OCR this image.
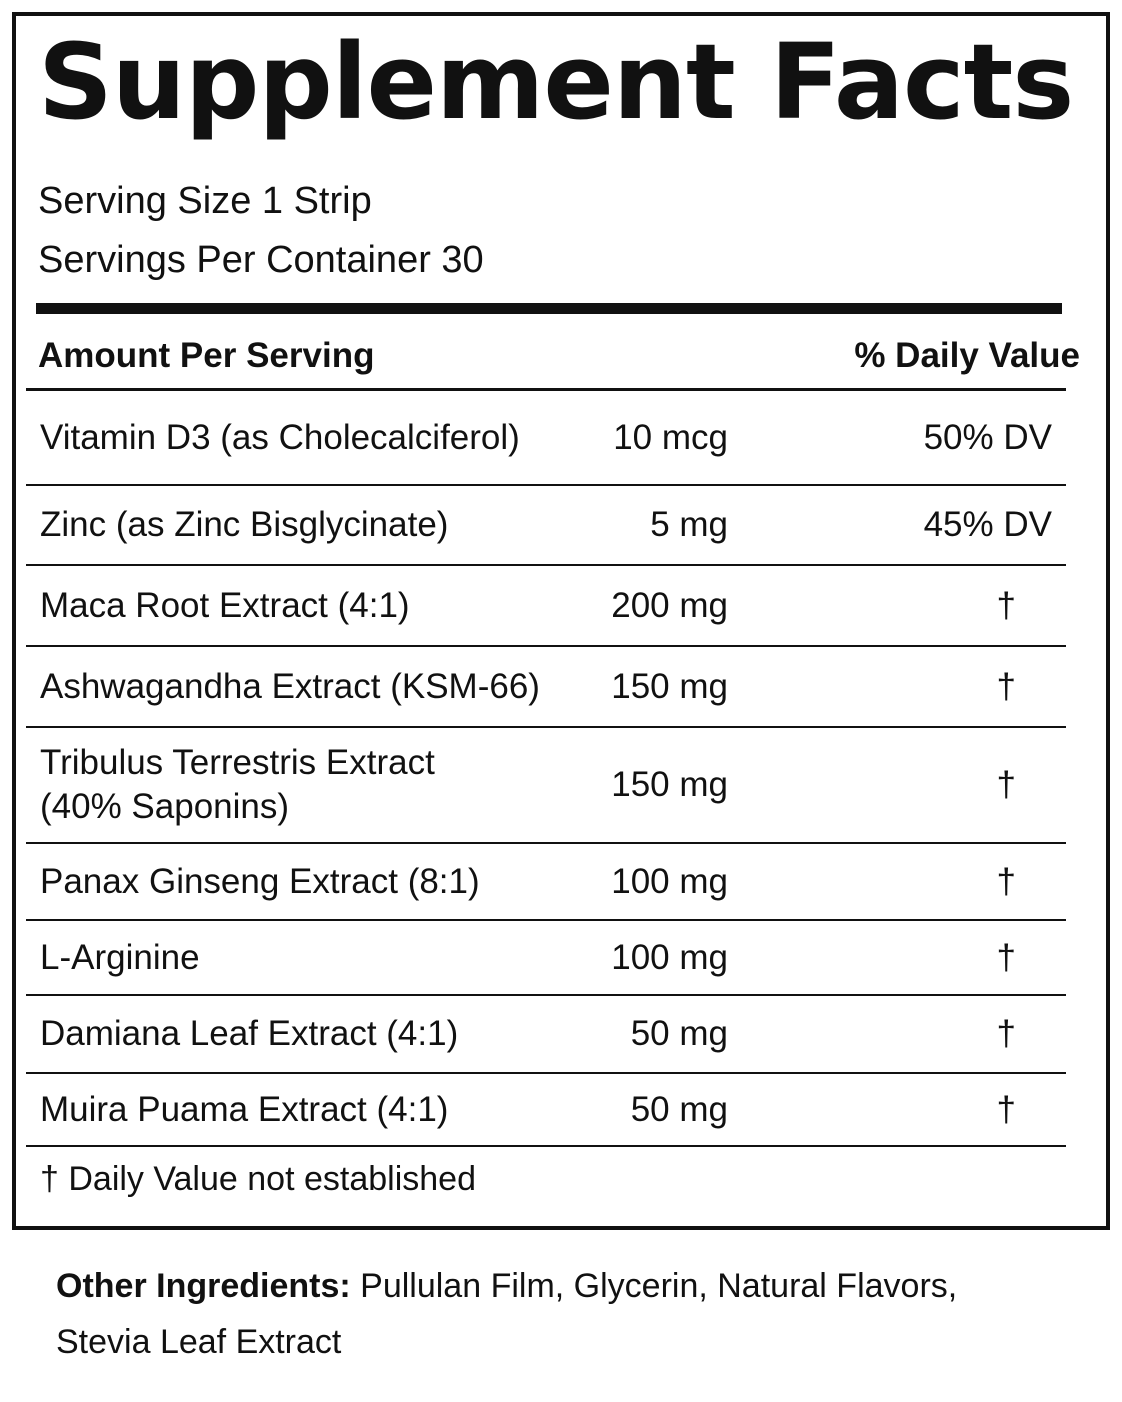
Supplement Facts
Serving Size 1 Strip
Servings Per Container 30
Amount Per Serving	% Daily Value
Vitamin D3 (as Cholecalciferol)	10 mcg	50% DV
Zinc (as Zinc Bisglycinate)	5 mg	45% DV
Maca Root Extract (4:1)	200 mg	†
Ashwagandha Extract (KSM-66) 150 mg	†
Tribulus Terrestris Extract
(40% Saponins)
150 mg	†
Panax Ginseng Extract (8:1)	100 mg	†
L-Arginine	100 mg	†
Damiana Leaf Extract (4:1)	50 mg	†
Muira Puama Extract (4:1)	50 mg	†
† Daily Value not established
Other Ingredients: Pullulan Film, Glycerin, Natural Flavors,
Stevia Leaf Extract
